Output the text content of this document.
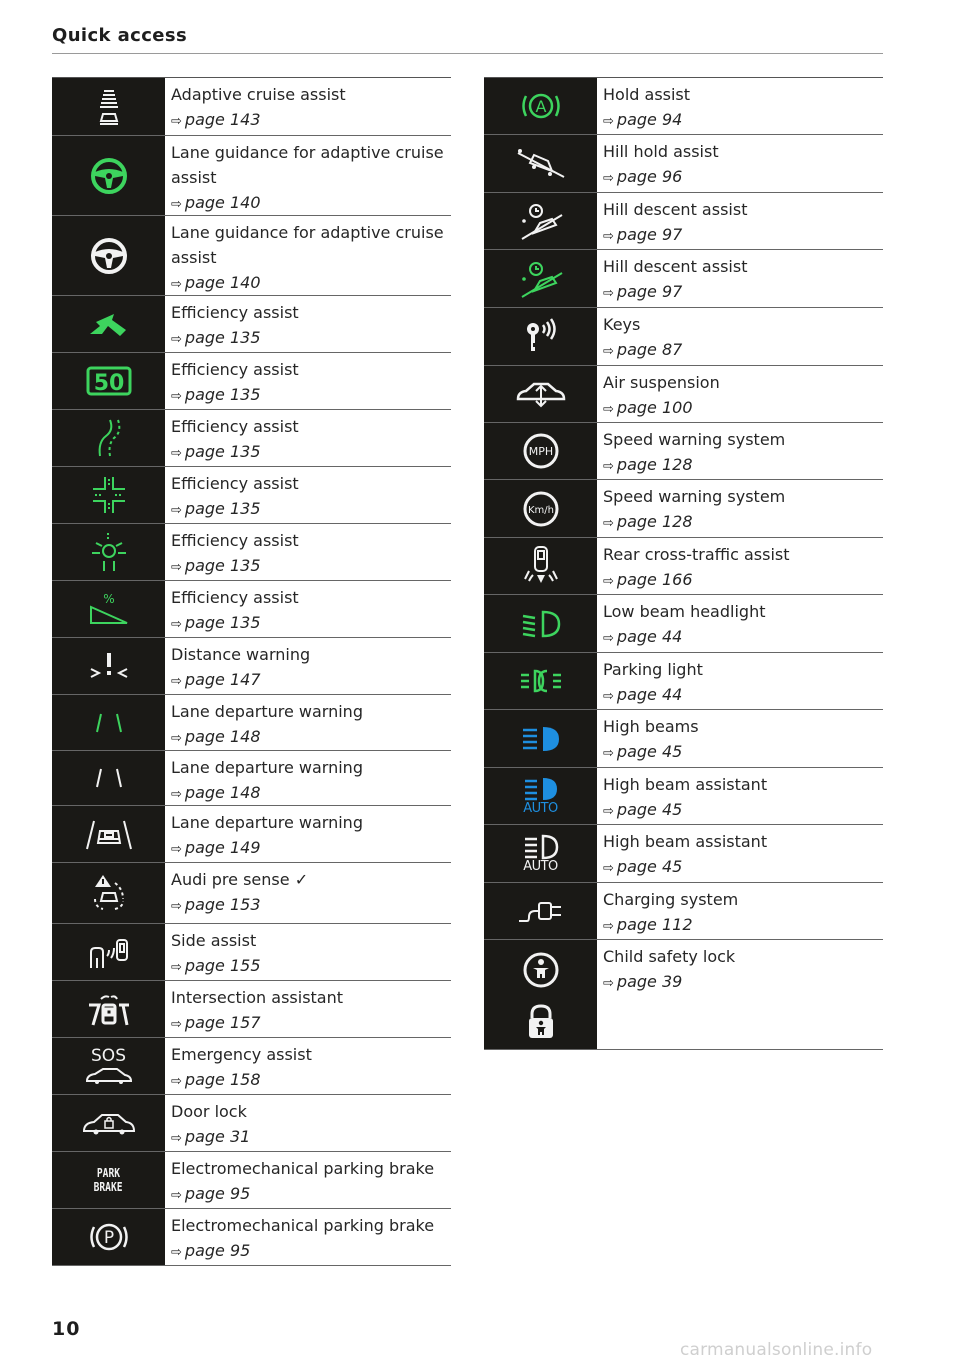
Quick access
Adaptive cruise assist
⇨ page 143
Lane guidance for adaptive cruise assist
⇨ page 140
Lane guidance for adaptive cruise assist
⇨ page 140
Efficiency assist
⇨ page 135
50
Efficiency assist
⇨ page 135
Efficiency assist
⇨ page 135
Efficiency assist
⇨ page 135
Efficiency assist
⇨ page 135
%	Efficiency assist
⇨ page 135
Distance warning
⇨ page 147
Lane departure warning
⇨ page 148
Lane departure warning
⇨ page 148
Lane departure warning
⇨ page 149
Audi pre sense ✓
⇨ page 153
Side assist
⇨ page 155
Intersection assistant
⇨ page 157
SOS	Emergency assist
⇨ page 158
Door lock
⇨ page 31
PARK
BRAKE
Electromechanical parking brake
⇨ page 95
P
Electromechanical parking brake
⇨ page 95
A
Hold assist
⇨ page 94
Hill hold assist
⇨ page 96
Hill descent assist
⇨ page 97
Hill descent assist
⇨ page 97
Keys
⇨ page 87
Air suspension
⇨ page 100
MPH
Speed warning system
⇨ page 128
Km/h
Speed warning system
⇨ page 128
Rear cross-traffic assist
⇨ page 166
Low beam headlight
⇨ page 44
Parking light
⇨ page 44
High beams
⇨ page 45
AUTO
High beam assistant
⇨ page 45
AUTO
High beam assistant
⇨ page 45
Charging system
⇨ page 112
Child safety lock
⇨ page 39
10
carmanualsonline.info
